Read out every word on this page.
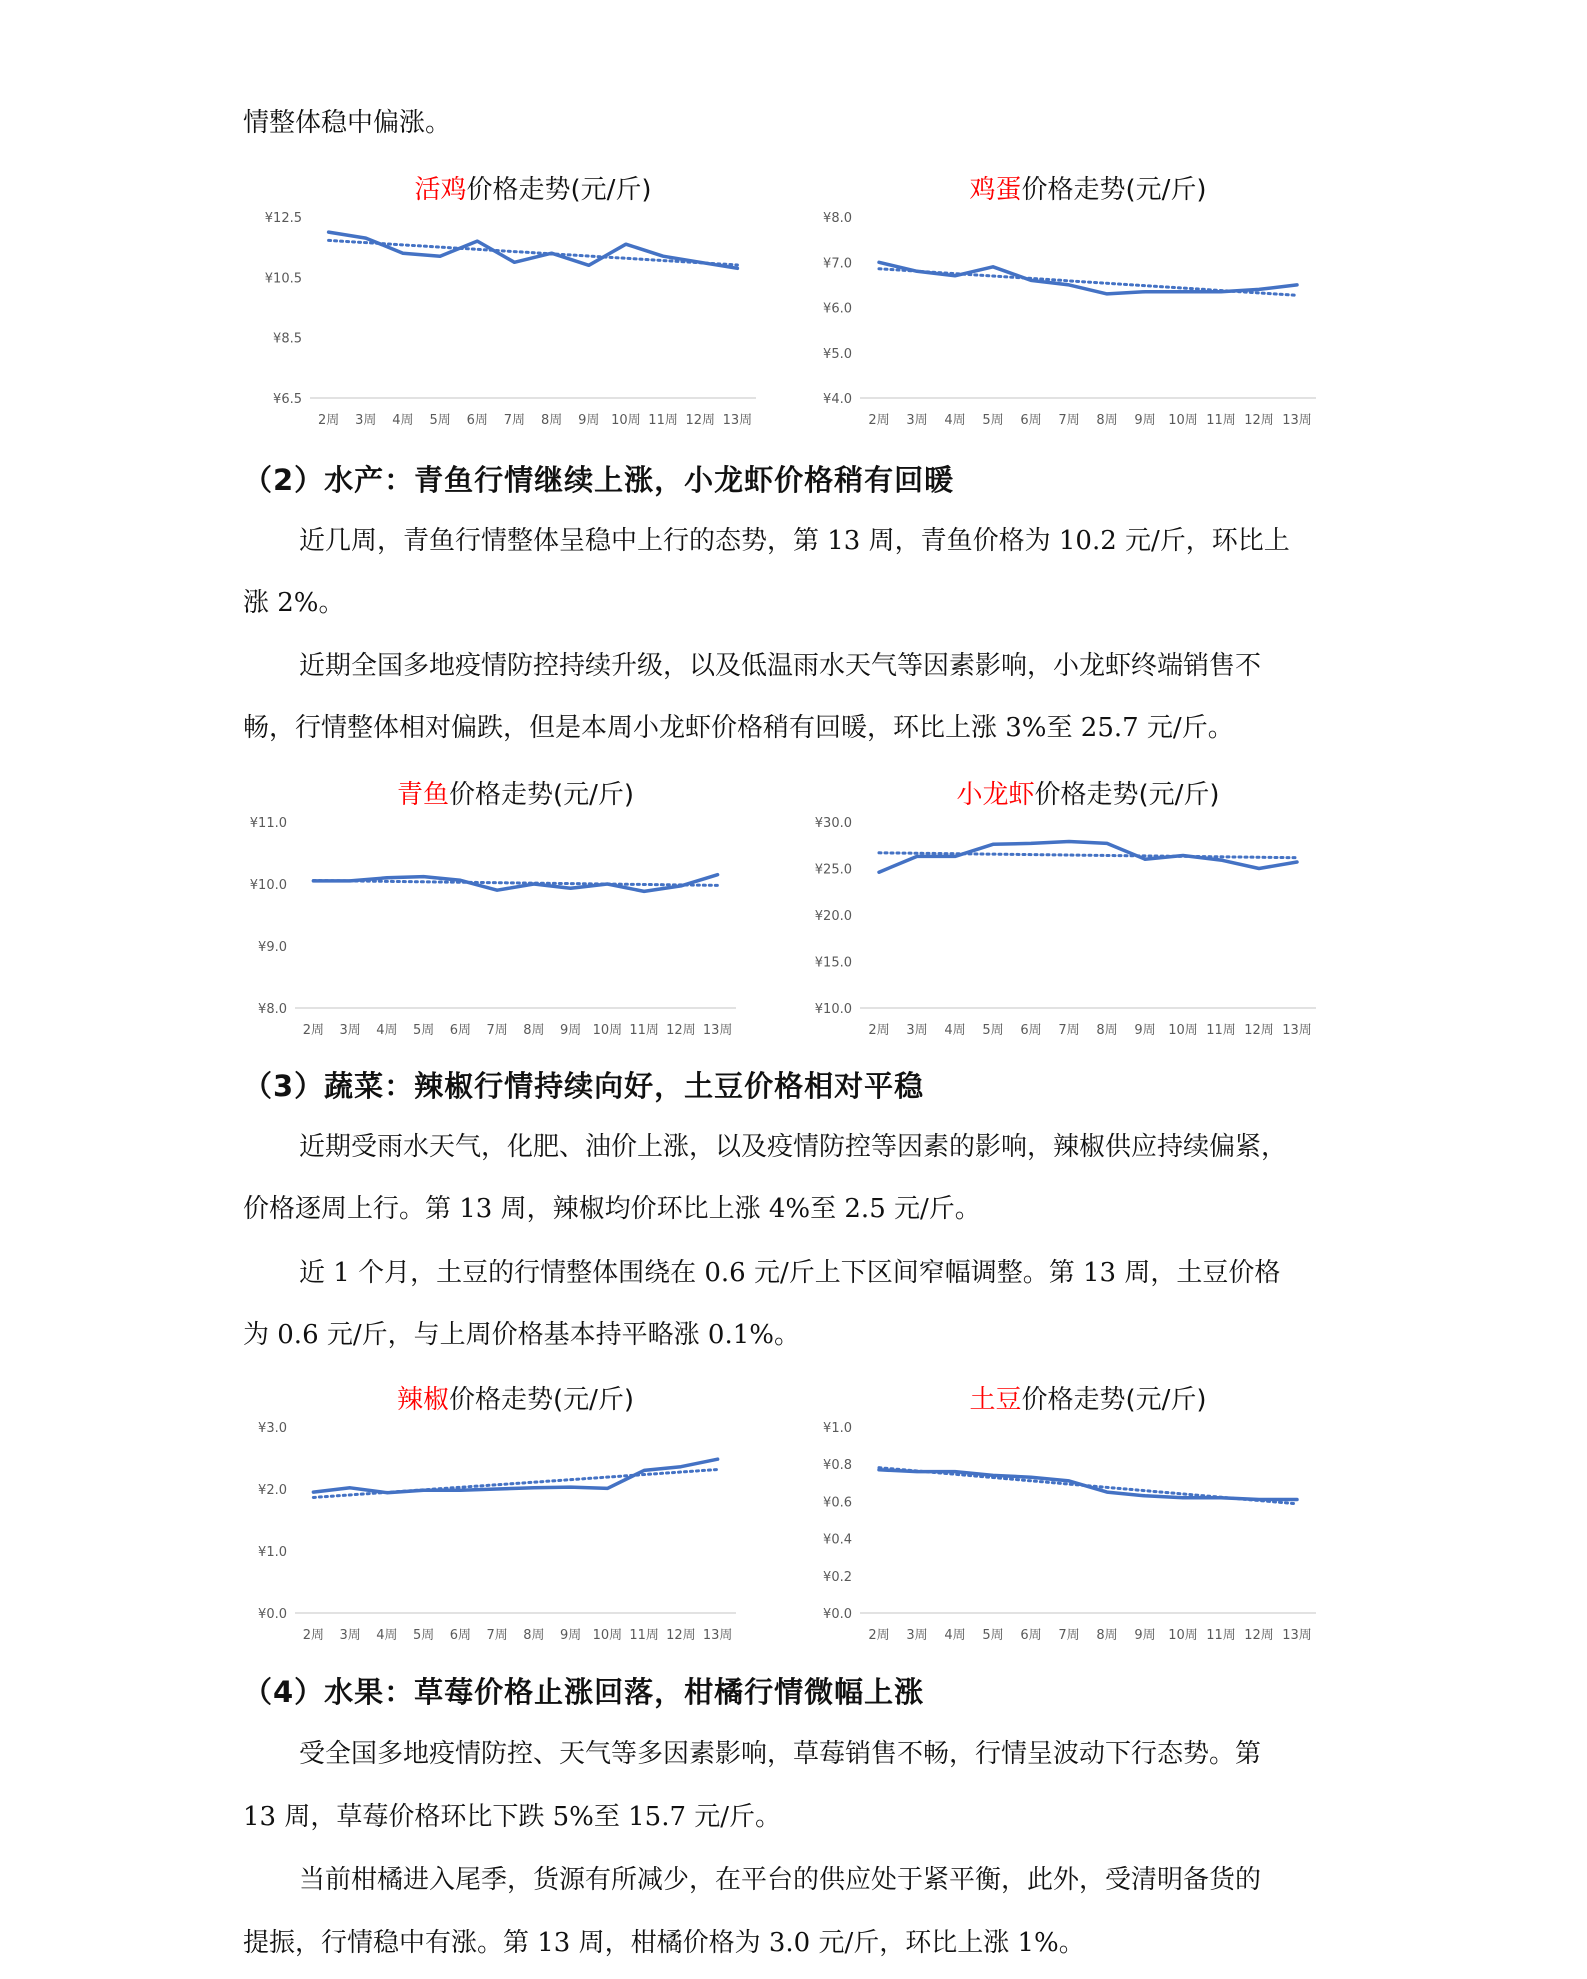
情整体稳中偏涨。

活鸡价格走势(元/斤)
¥12.5
¥10.5
¥8.5
¥6.5
2周 3周 4周 5周 6周 7周 8周 9周 10周 11周 12周 13周
鸡蛋价格走势(元/斤)
¥8.0
¥7.0
¥6.0
¥5.0
¥4.0
2周 3周 4周 5周 6周 7周 8周 9周 10周 11周 12周 13周
（2）水产：青鱼行情继续上涨，小龙虾价格稍有回暖

近几周，青鱼行情整体呈稳中上行的态势，第 13 周，青鱼价格为 10.2 元/斤，环比上

涨 2%。

近期全国多地疫情防控持续升级，以及低温雨水天气等因素影响，小龙虾终端销售不

畅，行情整体相对偏跌，但是本周小龙虾价格稍有回暖，环比上涨 3%至 25.7 元/斤。

青鱼价格走势(元/斤)
¥11.0
¥10.0
¥9.0
¥8.0
2周 3周 4周 5周 6周 7周 8周 9周 10周 11周 12周 13周
小龙虾价格走势(元/斤)
¥30.0
¥25.0
¥20.0
¥15.0
¥10.0
2周 3周 4周 5周 6周 7周 8周 9周 10周 11周 12周 13周
（3）蔬菜：辣椒行情持续向好，土豆价格相对平稳

近期受雨水天气，化肥、油价上涨，以及疫情防控等因素的影响，辣椒供应持续偏紧，

价格逐周上行。第 13 周，辣椒均价环比上涨 4%至 2.5 元/斤。

近 1 个月，土豆的行情整体围绕在 0.6 元/斤上下区间窄幅调整。第 13 周，土豆价格

为 0.6 元/斤，与上周价格基本持平略涨 0.1%。

辣椒价格走势(元/斤)
¥3.0
¥2.0
¥1.0
¥0.0
2周 3周 4周 5周 6周 7周 8周 9周 10周 11周 12周 13周
土豆价格走势(元/斤)
¥1.0
¥0.8
¥0.6
¥0.4
¥0.2
¥0.0
2周 3周 4周 5周 6周 7周 8周 9周 10周 11周 12周 13周
（4）水果：草莓价格止涨回落，柑橘行情微幅上涨

受全国多地疫情防控、天气等多因素影响，草莓销售不畅，行情呈波动下行态势。第

13 周，草莓价格环比下跌 5%至 15.7 元/斤。

当前柑橘进入尾季，货源有所减少，在平台的供应处于紧平衡，此外，受清明备货的

提振，行情稳中有涨。第 13 周，柑橘价格为 3.0 元/斤，环比上涨 1%。
